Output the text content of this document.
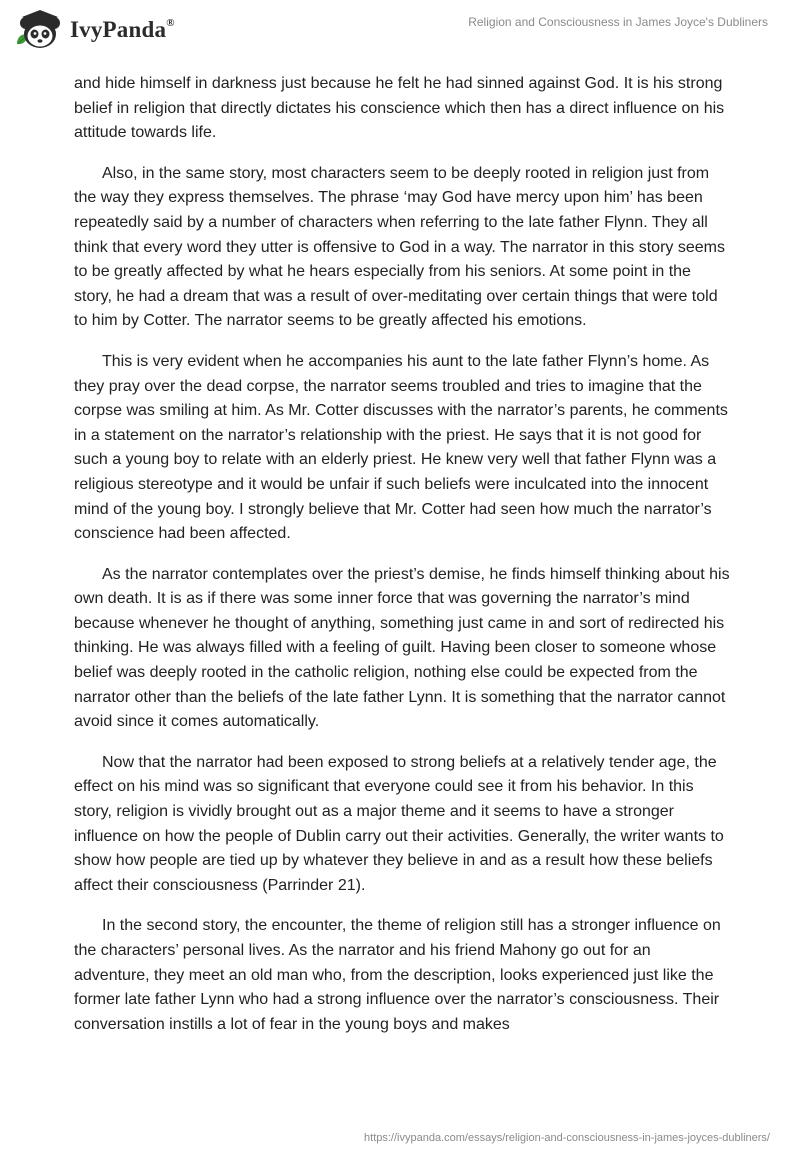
IvyPanda®	Religion and Consciousness in James Joyce's Dubliners

and hide himself in darkness just because he felt he had sinned against God. It is his strong belief in religion that directly dictates his conscience which then has a direct influence on his attitude towards life.

Also, in the same story, most characters seem to be deeply rooted in religion just from the way they express themselves. The phrase ‘may God have mercy upon him’ has been repeatedly said by a number of characters when referring to the late father Flynn. They all think that every word they utter is offensive to God in a way. The narrator in this story seems to be greatly affected by what he hears especially from his seniors. At some point in the story, he had a dream that was a result of over-meditating over certain things that were told to him by Cotter. The narrator seems to be greatly affected his emotions.

This is very evident when he accompanies his aunt to the late father Flynn’s home. As they pray over the dead corpse, the narrator seems troubled and tries to imagine that the corpse was smiling at him. As Mr. Cotter discusses with the narrator’s parents, he comments in a statement on the narrator’s relationship with the priest. He says that it is not good for such a young boy to relate with an elderly priest. He knew very well that father Flynn was a religious stereotype and it would be unfair if such beliefs were inculcated into the innocent mind of the young boy. I strongly believe that Mr. Cotter had seen how much the narrator’s conscience had been affected.

As the narrator contemplates over the priest’s demise, he finds himself thinking about his own death. It is as if there was some inner force that was governing the narrator’s mind because whenever he thought of anything, something just came in and sort of redirected his thinking. He was always filled with a feeling of guilt. Having been closer to someone whose belief was deeply rooted in the catholic religion, nothing else could be expected from the narrator other than the beliefs of the late father Lynn. It is something that the narrator cannot avoid since it comes automatically.

Now that the narrator had been exposed to strong beliefs at a relatively tender age, the effect on his mind was so significant that everyone could see it from his behavior. In this story, religion is vividly brought out as a major theme and it seems to have a stronger influence on how the people of Dublin carry out their activities. Generally, the writer wants to show how people are tied up by whatever they believe in and as a result how these beliefs affect their consciousness (Parrinder 21).

In the second story, the encounter, the theme of religion still has a stronger influence on the characters’ personal lives. As the narrator and his friend Mahony go out for an adventure, they meet an old man who, from the description, looks experienced just like the former late father Lynn who had a strong influence over the narrator’s consciousness. Their conversation instills a lot of fear in the young boys and makes

https://ivypanda.com/essays/religion-and-consciousness-in-james-joyces-dubliners/
